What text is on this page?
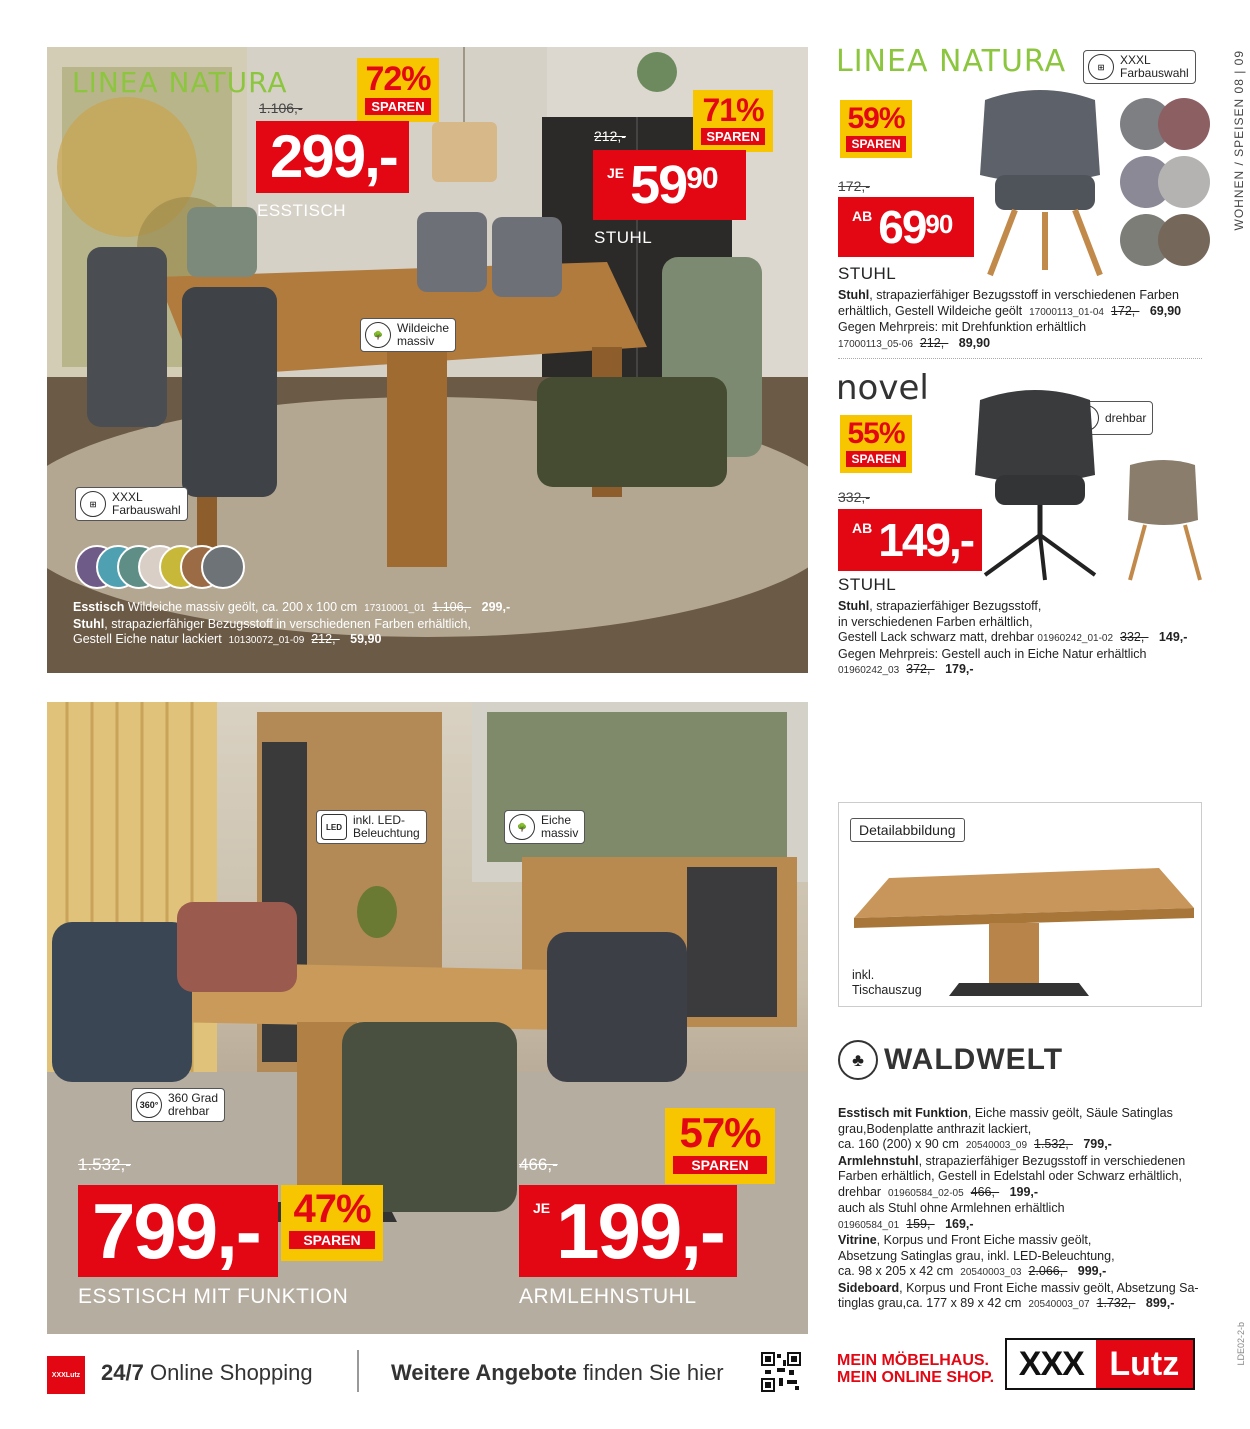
LINEA NATURA
1.106,-
72%
SPAREN
299,-
ESSTISCH
212,-
71%
SPAREN
JE 59 90
STUHL
🌳	Wildeiche
massiv
⊞	XXXL
Farbauswahl
Esstisch Wildeiche massiv geölt, ca. 200 x 100 cm 17310001_01 1.106,- 299,-
Stuhl, strapazierfähiger Bezugsstoff in verschiedenen Farben erhältlich,
Gestell Eiche natur lackiert 10130072_01-09 212,- 59,90
LINEA NATURA	⊞	XXXL
Farbauswahl
59%
SPAREN
172,-
AB 69 90
STUHL
Stuhl, strapazierfähiger Bezugsstoff in verschiedenen Farben
erhältlich, Gestell Wildeiche geölt 17000113_01-04 172,- 69,90
Gegen Mehrpreis: mit Drehfunktion erhältlich
17000113_05-06 212,- 89,90
novel
drehbar
55%
SPAREN
332,-
AB 149,-
STUHL
Stuhl, strapazierfähiger Bezugsstoff,
in verschiedenen Farben erhältlich,
Gestell Lack schwarz matt, drehbar 01960242_01-02 332,- 149,-
Gegen Mehrpreis: Gestell auch in Eiche Natur erhältlich
01960242_03 372,- 179,-
Detailabbildung
inkl.
Tischauszug
♣ WALDWELT
Esstisch mit Funktion, Eiche massiv geölt, Säule Satinglas
grau,Bodenplatte anthrazit lackiert,
ca. 160 (200) x 90 cm 20540003_09 1.532,- 799,-
Armlehnstuhl, strapazierfähiger Bezugsstoff in verschiedenen
Farben erhältlich, Gestell in Edelstahl oder Schwarz erhältlich,
drehbar 01960584_02-05 466,- 199,-
auch als Stuhl ohne Armlehnen erhältlich
01960584_01 159,- 169,-
Vitrine, Korpus und Front Eiche massiv geölt,
Absetzung Satinglas grau, inkl. LED-Beleuchtung,
ca. 98 x 205 x 42 cm 20540003_03 2.066,- 999,-
Sideboard, Korpus und Front Eiche massiv geölt, Absetzung Sa-
tinglas grau,ca. 177 x 89 x 42 cm 20540003_07 1.732,- 899,-
LED inkl. LED-
Beleuchtung	🌳	Eiche
massiv
360° 360 Grad
drehbar
1.532,-
799,- 47%
SPAREN
ESSTISCH MIT FUNKTION
57%
SPAREN
466,-
JE 199,-
ARMLEHNSTUHL
WOHNEN / SPEISEN 08 | 09
LDE02-2-b
XXXLutz 24/7 Online Shopping	Weitere Angebote finden Sie hier	MEIN MÖBELHAUS.
MEIN ONLINE SHOP. XXX Lutz
